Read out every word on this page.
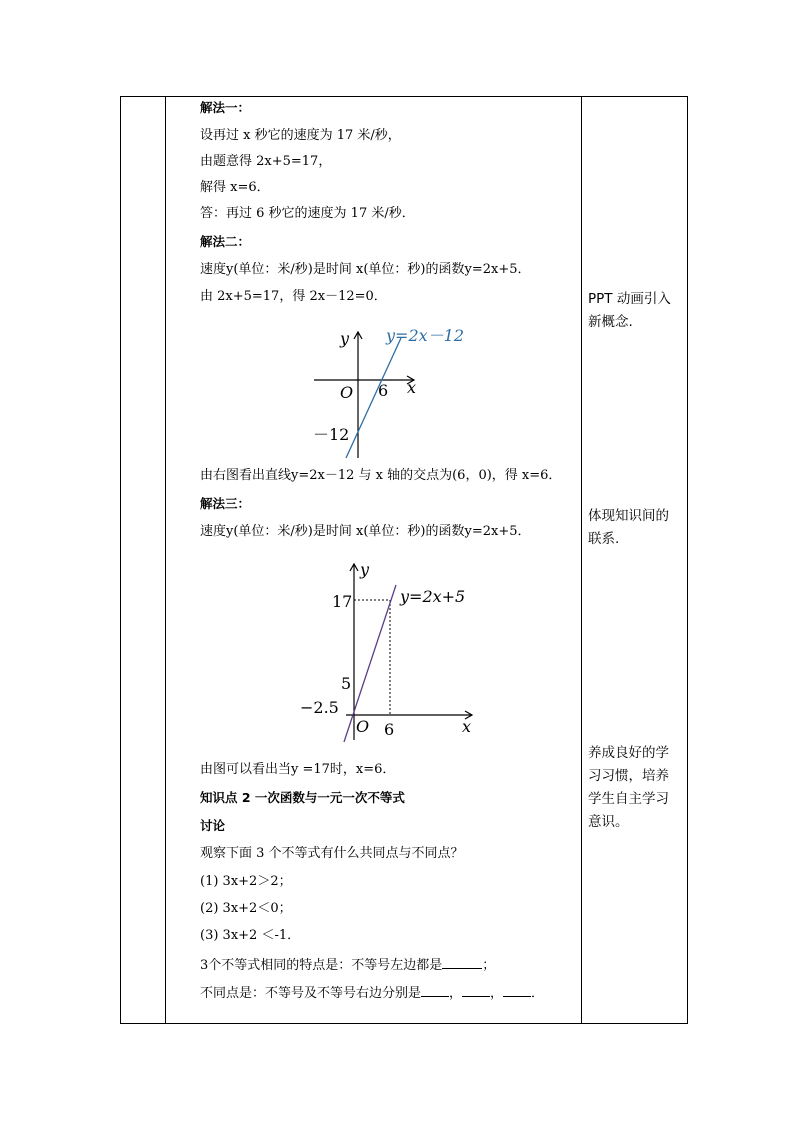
解法一：
设再过 x 秒它的速度为 17 米/秒，
由题意得 2x+5=17，
解得 x=6．
答：再过 6 秒它的速度为 17 米/秒．
解法二：
速度y(单位：米/秒)是时间 x(单位：秒)的函数y=2x+5．
由 2x+5=17，得 2x－12=0．
由右图看出直线y=2x－12 与 x 轴的交点为(6，0)，得 x=6．
解法三：
速度y(单位：米/秒)是时间 x(单位：秒)的函数y=2x+5．
由图可以看出当y =17时，x=6．
知识点 2 一次函数与一元一次不等式
讨论
观察下面 3 个不等式有什么共同点与不同点？
(1) 3x+2＞2；
(2) 3x+2＜0；
(3) 3x+2 ＜-1．
3个不等式相同的特点是：不等号左边都是	；
不同点是：不等号及不等号右边分别是 ， ， ．
y=2x－12
y
x
O 6
－12
y=2x+5
y
x
O 6
17
5
−2.5
PPT 动画引入
新概念.
体现知识间的
联系.
养成良好的学
习习惯，培养
学生自主学习
意识。
